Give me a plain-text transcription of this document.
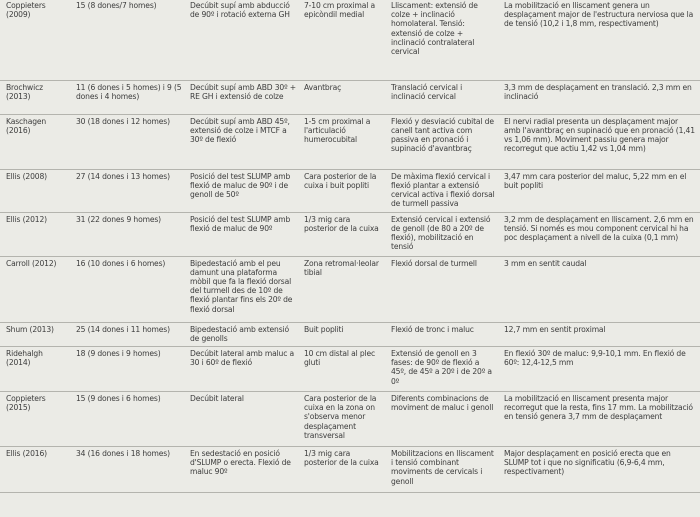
Coppieters (2009)	15 (8 dones/7 homes)	Decúbit supí amb abducció de 90º i rotació externa GH	7-10 cm proximal a epicòndil medial	Lliscament: extensió de colze + inclinació homolateral. Tensió: extensió de colze + inclinació contralateral cervical	La mobilització en lliscament genera un desplaçament major de l'estructura nerviosa que la de tensió (10,2 i 1,8 mm, respectivament)
Brochwicz (2013)	11 (6 dones i 5 homes) i 9 (5 dones i 4 homes)	Decúbit supí amb ABD 30º + RE GH i extensió de colze	Avantbraç	Translació cervical i inclinació cervical	3,3 mm de desplaçament en translació. 2,3 mm en inclinació
Kaschagen (2016)	30 (18 dones i 12 homes)	Decúbit supí amb ABD 45º, extensió de colze i MTCF a 30º de flexió	1-5 cm proximal a l'articulació humerocubital	Flexió y desviació cubital de canell tant activa com passiva en pronació i supinació d'avantbraç	El nervi radial presenta un desplaçament major amb l'avantbraç en supinació que en pronació (1,41 vs 1,06 mm). Moviment passiu genera major recorregut que actiu 1,42 vs 1,04 mm)
Ellis (2008)	27 (14 dones i 13 homes)	Posició del test SLUMP amb flexió de maluc de 90º i de genoll de 50º	Cara posterior de la cuixa i buit popliti	De màxima flexió cervical i flexió plantar a extensió cervical activa i flexió dorsal de turmell passiva	3,47 mm cara posterior del maluc, 5,22 mm en el buit popliti
Ellis (2012)	31 (22 dones 9 homes)	Posició del test SLUMP amb flexió de maluc de 90º	1/3 mig cara posterior de la cuixa	Extensió cervical i extensió de genoll (de 80 a 20º de flexió), mobilització en tensió	3,2 mm de desplaçament en lliscament. 2,6 mm en tensió. Si només es mou component cervical hi ha poc desplaçament a nivell de la cuixa (0,1 mm)
Carroll (2012)	16 (10 dones i 6 homes)	Bipedestació amb el peu damunt una plataforma mòbil que fa la flexió dorsal del turmell des de 10º de flexió plantar fins els 20º de flexió dorsal	Zona retromal·leolar tibial	Flexió dorsal de turmell	3 mm en sentit caudal
Shum (2013)	25 (14 dones i 11 homes)	Bipedestació amb extensió de genolls	Buit popliti	Flexió de tronc i maluc	12,7 mm en sentit proximal
Ridehalgh (2014)	18 (9 dones i 9 homes)	Decúbit lateral amb maluc a 30 i 60º de flexió	10 cm distal al plec gluti	Extensió de genoll en 3 fases: de 90º de flexió a 45º, de 45º a 20º i de 20º a 0º	En flexió 30º de maluc: 9,9-10,1 mm. En flexió de 60º: 12,4-12,5 mm
Coppieters (2015)	15 (9 dones i 6 homes)	Decúbit lateral	Cara posterior de la cuixa en la zona on s'observa menor desplaçament transversal	Diferents combinacions de moviment de maluc i genoll	La mobilització en lliscament presenta major recorregut que la resta, fins 17 mm. La mobilització en tensió genera 3,7 mm de desplaçament
Ellis (2016)	34 (16 dones i 18 homes)	En sedestació en posició d'SLUMP o erecta. Flexió de maluc 90º	1/3 mig cara posterior de la cuixa	Mobilitzacions en lliscament i tensió combinant moviments de cervicals i genoll	Major desplaçament en posició erecta que en SLUMP tot i que no significatiu (6,9-6,4 mm, respectivament)
